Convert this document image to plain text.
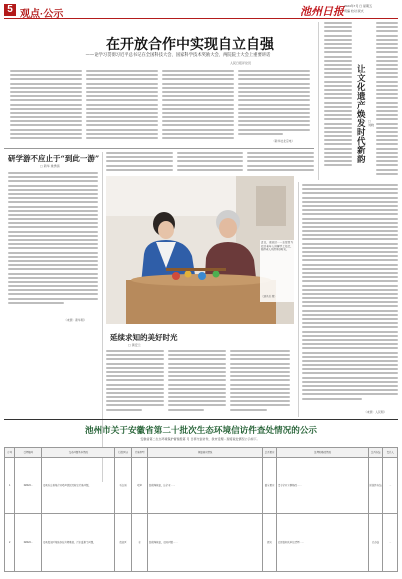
5 观点·公示	池州日报 2024年7月 日 星期五
责编 校对 版式
在开放合作中实现自立自强
——论学习贯彻习近平总书记在全国科技大会、国家科学技术奖励大会、两院院士大会上重要讲话
人民日报评论员
（新华社北京电）
让文化遗产焕发时代新韵
□ 刘晓
研学游不应止于“到此一游”
□ 新华 姚勇扬
（来源：新华网）
近日，贵池区……志愿者为社区老年人讲解手工技艺，陪伴老人共度美好时光。
（通讯员 摄）
延续求知的美好时光
□ 黄安兰
（来源：人民网）
池州市关于安徽省第二十批次生态环境信访件查处情况的公示
安徽省第二生态环境保护督察组第 月 日移交信访件，我市受理…现将查处情况公示如下。
序号	受理编号	交办问题基本情况	行政区域	污染类型	调查核实情况	是否属实	处理和整改情况	是否办结	责任人
1	D2024…	反映石台县某企业噪声扰民及粉尘污染问题。	石台县	噪声	经现场核查，该企业……	部分属实	责令企业立即整改……	阶段性办结	…
2	D2024…	反映贵池区某地存在垃圾堆放、污水直排等问题。	贵池区	水	经现场核查，反映问题……	属实	已督促相关单位清理……	已办结	…
